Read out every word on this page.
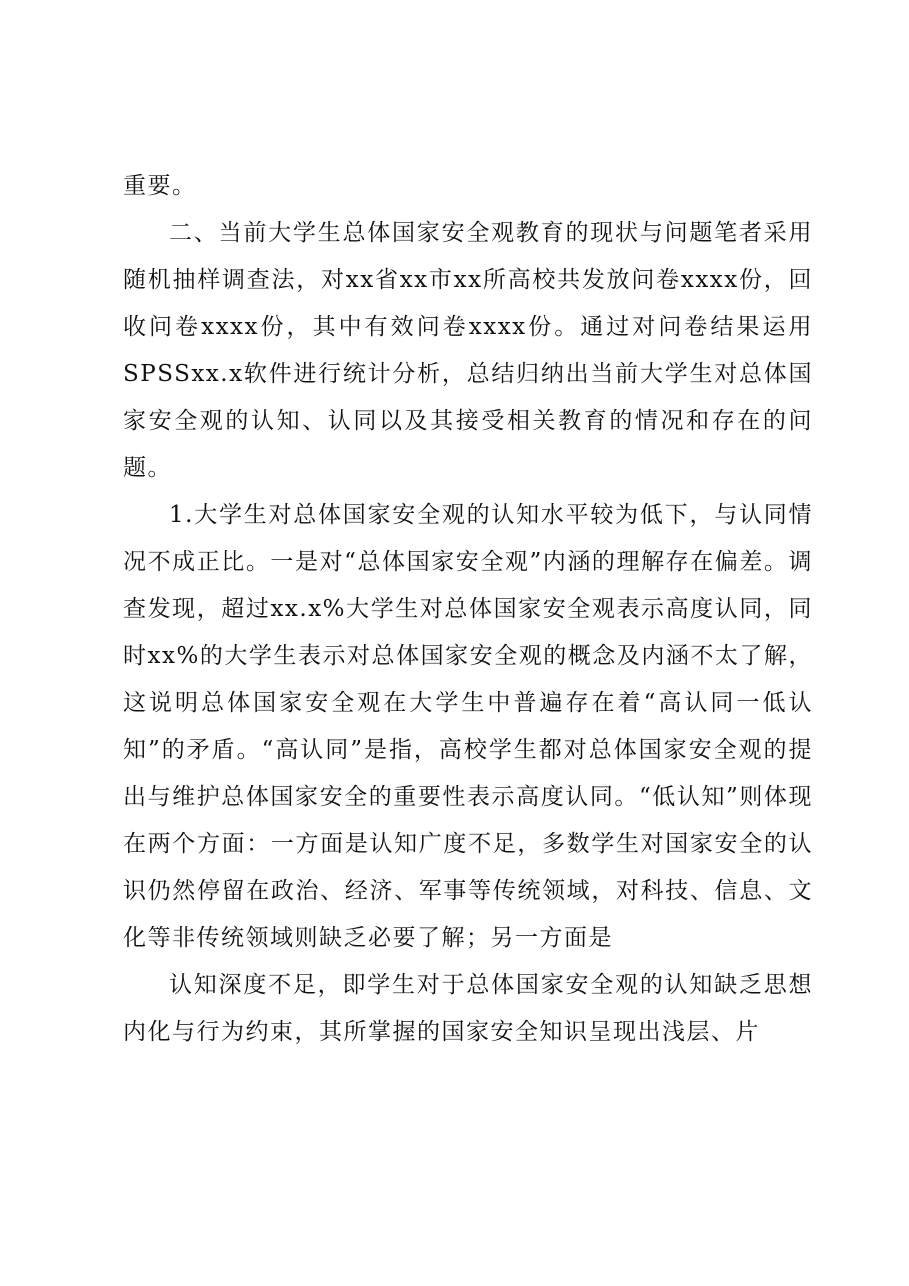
重要。

二、当前大学生总体国家安全观教育的现状与问题笔者采用随机抽样调查法，对xx省xx市xx所高校共发放问卷xxxx份，回收问卷xxxx份，其中有效问卷xxxx份。通过对问卷结果运用SPSSxx.x软件进行统计分析，总结归纳出当前大学生对总体国家安全观的认知、认同以及其接受相关教育的情况和存在的问题。

1.大学生对总体国家安全观的认知水平较为低下，与认同情况不成正比。一是对“总体国家安全观”内涵的理解存在偏差。调查发现，超过xx.x%大学生对总体国家安全观表示高度认同，同时xx%的大学生表示对总体国家安全观的概念及内涵不太了解，这说明总体国家安全观在大学生中普遍存在着“高认同一低认知”的矛盾。“高认同”是指，高校学生都对总体国家安全观的提出与维护总体国家安全的重要性表示高度认同。“低认知”则体现在两个方面：一方面是认知广度不足，多数学生对国家安全的认识仍然停留在政治、经济、军事等传统领域，对科技、信息、文化等非传统领域则缺乏必要了解；另一方面是

认知深度不足，即学生对于总体国家安全观的认知缺乏思想内化与行为约束，其所掌握的国家安全知识呈现出浅层、片
